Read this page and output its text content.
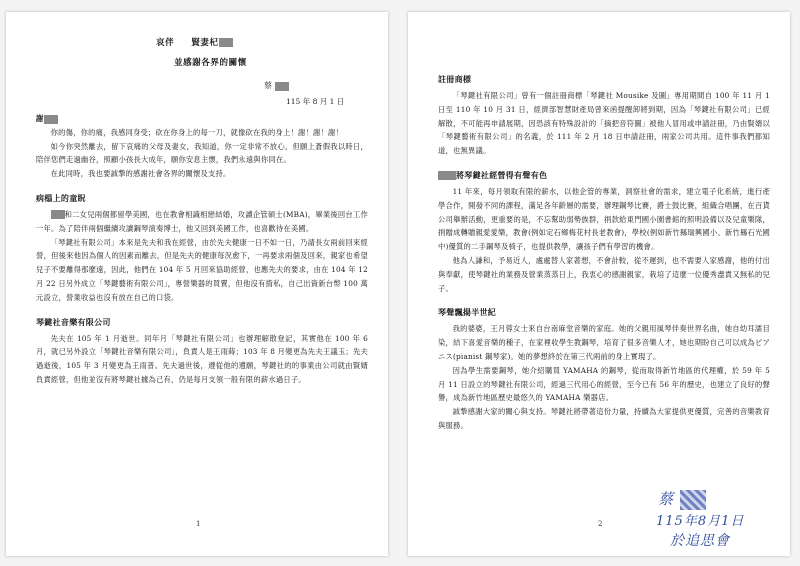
哀伴 賢妻杞
並感謝各界的關懷
蔡
115 年 8 月 1 日

謝

你的傷，你的痛，我感同身受；砍在你身上的每一刀，就像砍在我的身上！謝！謝！謝！

如今你突然離去，留下哀痛的父母及妻女，我知道，你一定非常不放心，但願上蒼假我以時日，陪伴您們走過幽谷，照顧小孩長大成年，願你安息主懷，我們永遠與你同在。

在此同時，我也要誠摯的感謝社會各界的關懷及支持。

病榻上的童眖

和二女兒兩個都留學美國，也在教會相識相戀結婚，攻讀企管碩士(MBA)，畢業後回台工作一年。為了陪伴兩個繼續攻讀鋼琴演奏博士，他又回到美國工作，也喜歡待在美國。

「琴鍵社有限公司」本來是先夫和我在經營，由於先夫健康一日不如一日，乃請長女兩前回來經營，但後來他因為個人的因素而離去，但是先夫的健康每況愈下，一再要求兩個及回來，親家也希望兒子不要離得那麼遠，因此，他們在 104 年 5 月回來協助經營，也應先夫的要求，由在 104 年 12 月 22 日另外成立「琴鍵藝術有限公司」，專營樂器的買賣，但他沒有揹私，自己出資新台幣 100 萬元設立，營業收益也沒有放在自己的口袋。

琴鍵社音樂有限公司

先夫在 105 年 1 月逝世。同年月「琴鍵社有限公司」也辦理解散登記，其實他在 100 年 6 月，就已另外設立「琴鍵社音樂有限公司」，負責人是王雨蒔；103 年 8 月變更為先夫王議玉；先夫過逝後，105 年 3 月變更為王雨普。先夫過世後，遵從他的遺願，琴鍵社的的事業由公司就由賢婿負責經營，但他並沒有將琴鍵社據為己有，仍是每月支領一般有限的薪水過日子。

1

註冊商標

「琴鍵社有限公司」曾有一個註冊商標「琴鍵社 Mousike 及圖」專用期間自 100 年 11 月 1 日至 110 年 10 月 31 日，經濟部智慧財產局曾來函提醒卸將到期，因為「琴鍵社有限公司」已經解散，不可能再申請展期，因恐該有特殊設計的「摘把音符圖」被他人冒用或申請註冊，乃由賢婿以「琴鍵藝術有限公司」的名義，於 111 年 2 月 18 日申請註冊，兩家公司共用。這件事我們都知道，也無異議。

將琴鍵社經營得有聲有色

11 年來，每月領取有限的薪水，以他企管的專業，洞察社會的需求，建立電子化系統，進行產學合作，開發不同的課程，滿足各年齡層的需要，辦理鋼琴比賽，爵士鼓比賽，組織合唱團，在百貨公司舉辦活動，更重要的是，不忘幫助弱勢族群，捐款給東門國小園書館的照明設備以及兒童樂隊，捐贈成轉贈親愛愛樂，教會(例如定石鄉梅花村長老教會)，學校(例如新竹縣瑞興國小、新竹縣石光國中)優質的二手鋼琴及椅子，也提供教學，讓孩子們有學習的機會。

他為人謙和，予易近人，處處替人家著想，不會計較，從不遲到，也不需要人家感謝，他的付出與奉獻，使琴鍵社的業務及營業蒸蒸日上，我衷心的感謝親家，栽培了這麼一位優秀盡責又無私的兒子。

琴聲飄揚半世紀

我的婆婆，王月蓉女士來自台南麻堂音樂的家庭。她的父親用風琴伴奏世界名曲，她自幼耳濡目染，結下喜愛音樂的種子，在家裡收學生教鋼琴，培育了很多音樂人才，她也期盼自己可以成為ピアニス(pianist 鋼琴家)。她的夢想終於在第三代兩前的身上實現了。

因為學生需要鋼琴，她介紹購買 YAMAHA 的鋼琴，從而取得新竹地區的代理權，於 59 年 5 月 11 日設立的琴鍵社有限公司，經過三代用心的經營，至今已有 56 年的歷史，也建立了良好的聲譽，成為新竹地區歷史最悠久的 YAMAHA 樂器店。

誠摯感謝大家的關心與支持。琴鍵社將帶著這份力量，持續為大家提供更優質，完善的音樂教育與服務。

蔡
115年8月1日
於追思會
2
